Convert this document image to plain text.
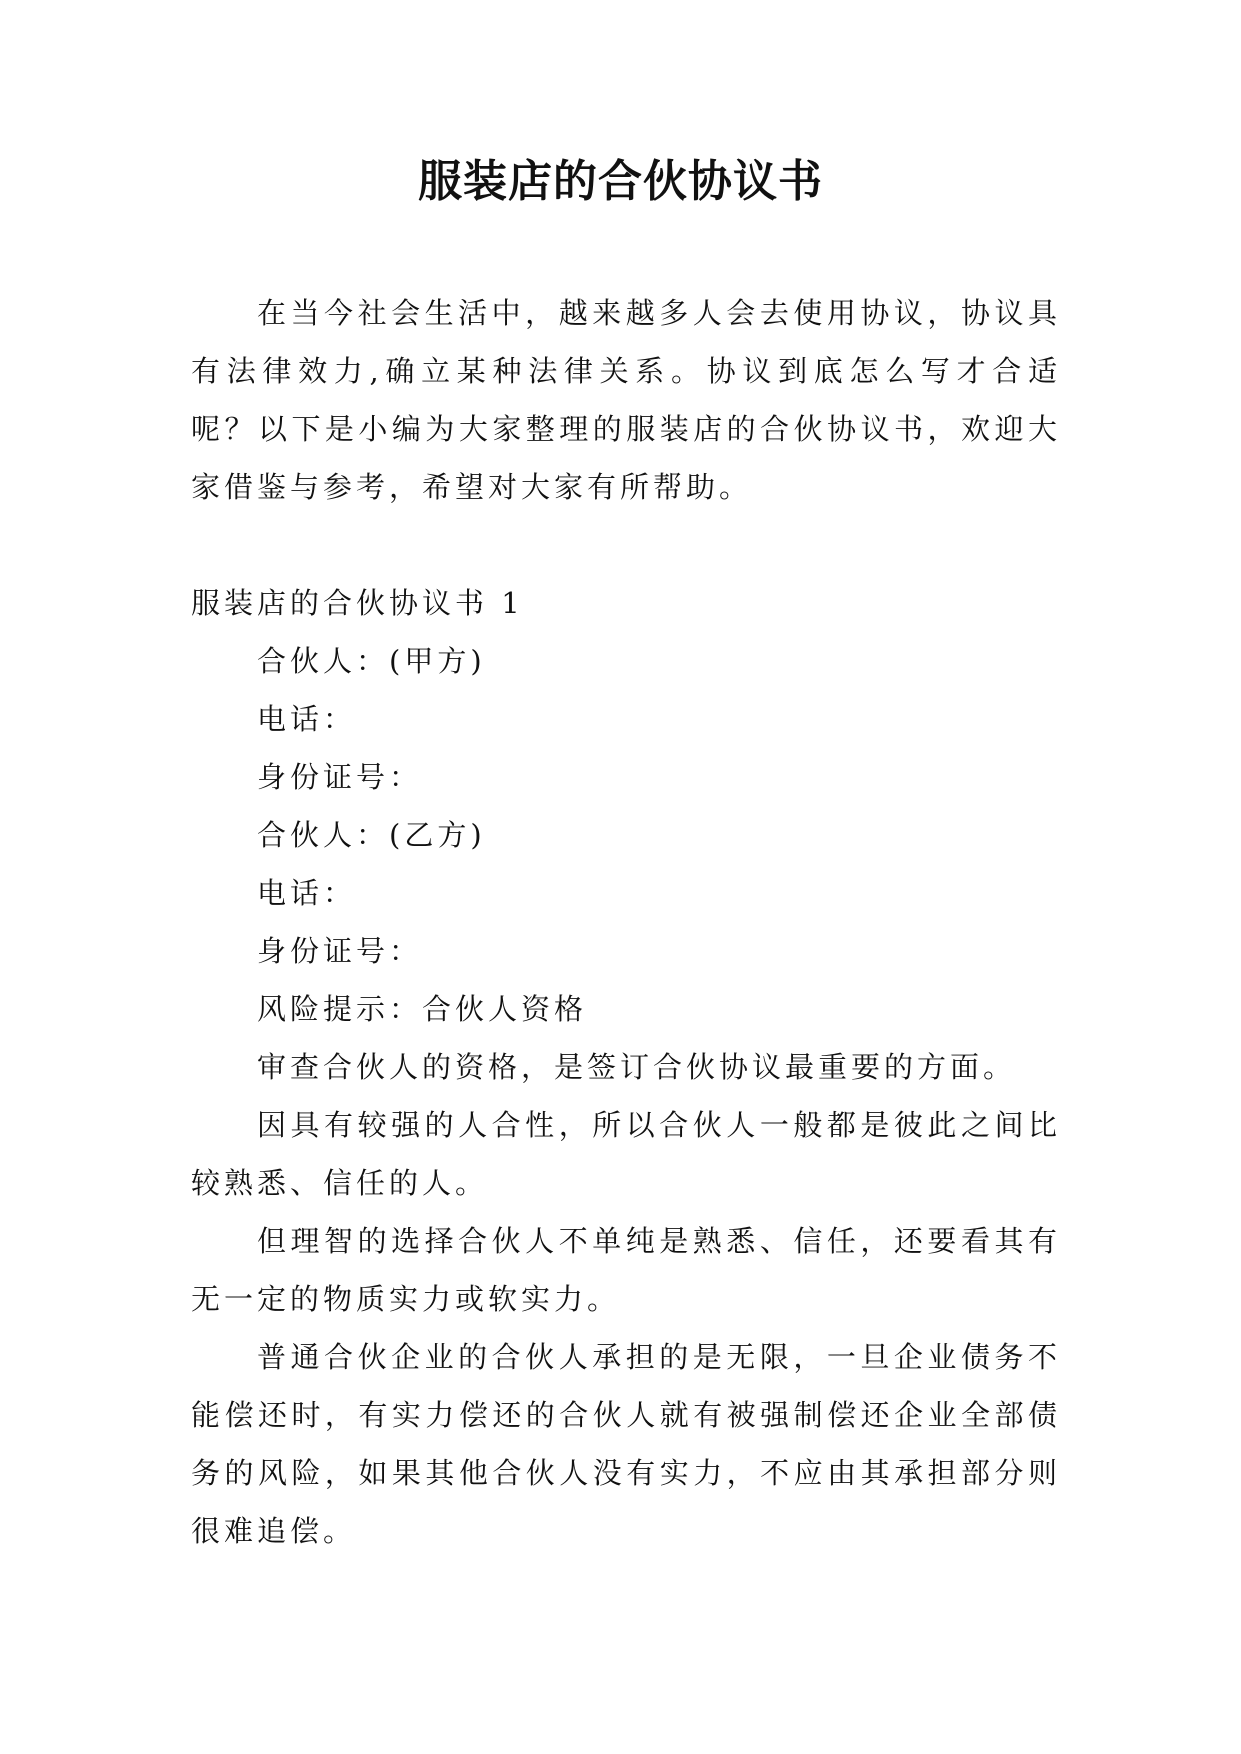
服装店的合伙协议书

在当今社会生活中，越来越多人会去使用协议，协议具有法律效力,确立某种法律关系。协议到底怎么写才合适呢？以下是小编为大家整理的服装店的合伙协议书，欢迎大家借鉴与参考，希望对大家有所帮助。

服装店的合伙协议书 1

合伙人：(甲方)

电话：

身份证号：

合伙人：(乙方)

电话：

身份证号：

风险提示：合伙人资格

审查合伙人的资格，是签订合伙协议最重要的方面。

因具有较强的人合性，所以合伙人一般都是彼此之间比较熟悉、信任的人。

但理智的选择合伙人不单纯是熟悉、信任，还要看其有无一定的物质实力或软实力。

普通合伙企业的合伙人承担的是无限，一旦企业债务不能偿还时，有实力偿还的合伙人就有被强制偿还企业全部债务的风险，如果其他合伙人没有实力，不应由其承担部分则很难追偿。
